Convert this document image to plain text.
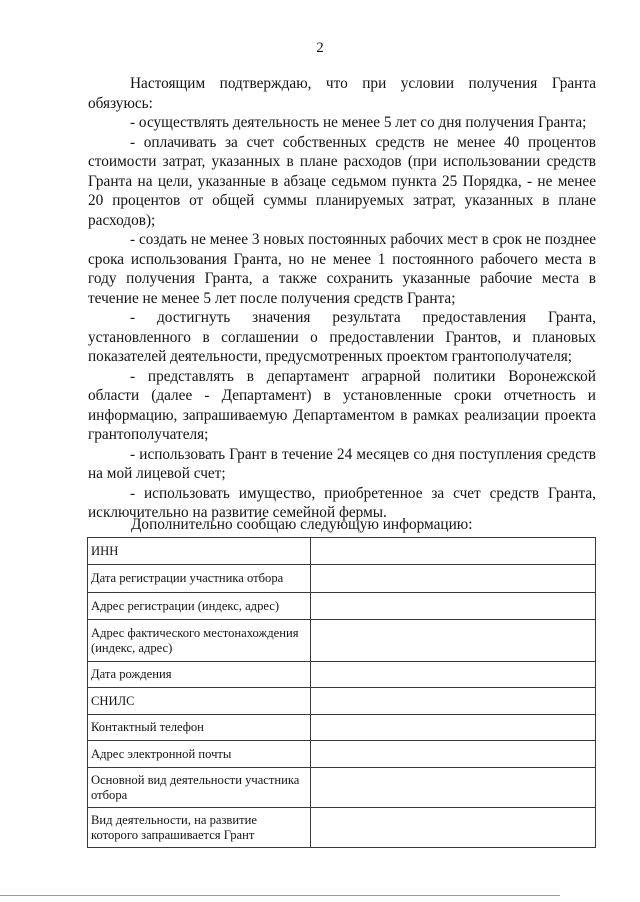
2

Настоящим подтверждаю, что при условии получения Гранта обязуюсь:

- осуществлять деятельность не менее 5 лет со дня получения Гранта;

- оплачивать за счет собственных средств не менее 40 процентов стоимости затрат, указанных в плане расходов (при использовании средств Гранта на цели, указанные в абзаце седьмом пункта 25 Порядка, - не менее 20 процентов от общей суммы планируемых затрат, указанных в плане расходов);

- создать не менее 3 новых постоянных рабочих мест в срок не позднее срока использования Гранта, но не менее 1 постоянного рабочего места в году получения Гранта, а также сохранить указанные рабочие места в течение не менее 5 лет после получения средств Гранта;

- достигнуть значения результата предоставления Гранта, установленного в соглашении о предоставлении Грантов, и плановых показателей деятельности, предусмотренных проектом грантополучателя;

- представлять в департамент аграрной политики Воронежской области (далее - Департамент) в установленные сроки отчетность и информацию, запрашиваемую Департаментом в рамках реализации проекта грантополучателя;

- использовать Грант в течение 24 месяцев со дня поступления средств на мой лицевой счет;

- использовать имущество, приобретенное за счет средств Гранта, исключительно на развитие семейной фермы.

Дополнительно сообщаю следующую информацию:
ИНН	
Дата регистрации участника отбора	
Адрес регистрации (индекс, адрес)	
Адрес фактического местонахождения (индекс, адрес)	
Дата рождения	
СНИЛС	
Контактный телефон	
Адрес электронной почты	
Основной вид деятельности участника отбора	
Вид деятельности, на развитие которого запрашивается Грант	
